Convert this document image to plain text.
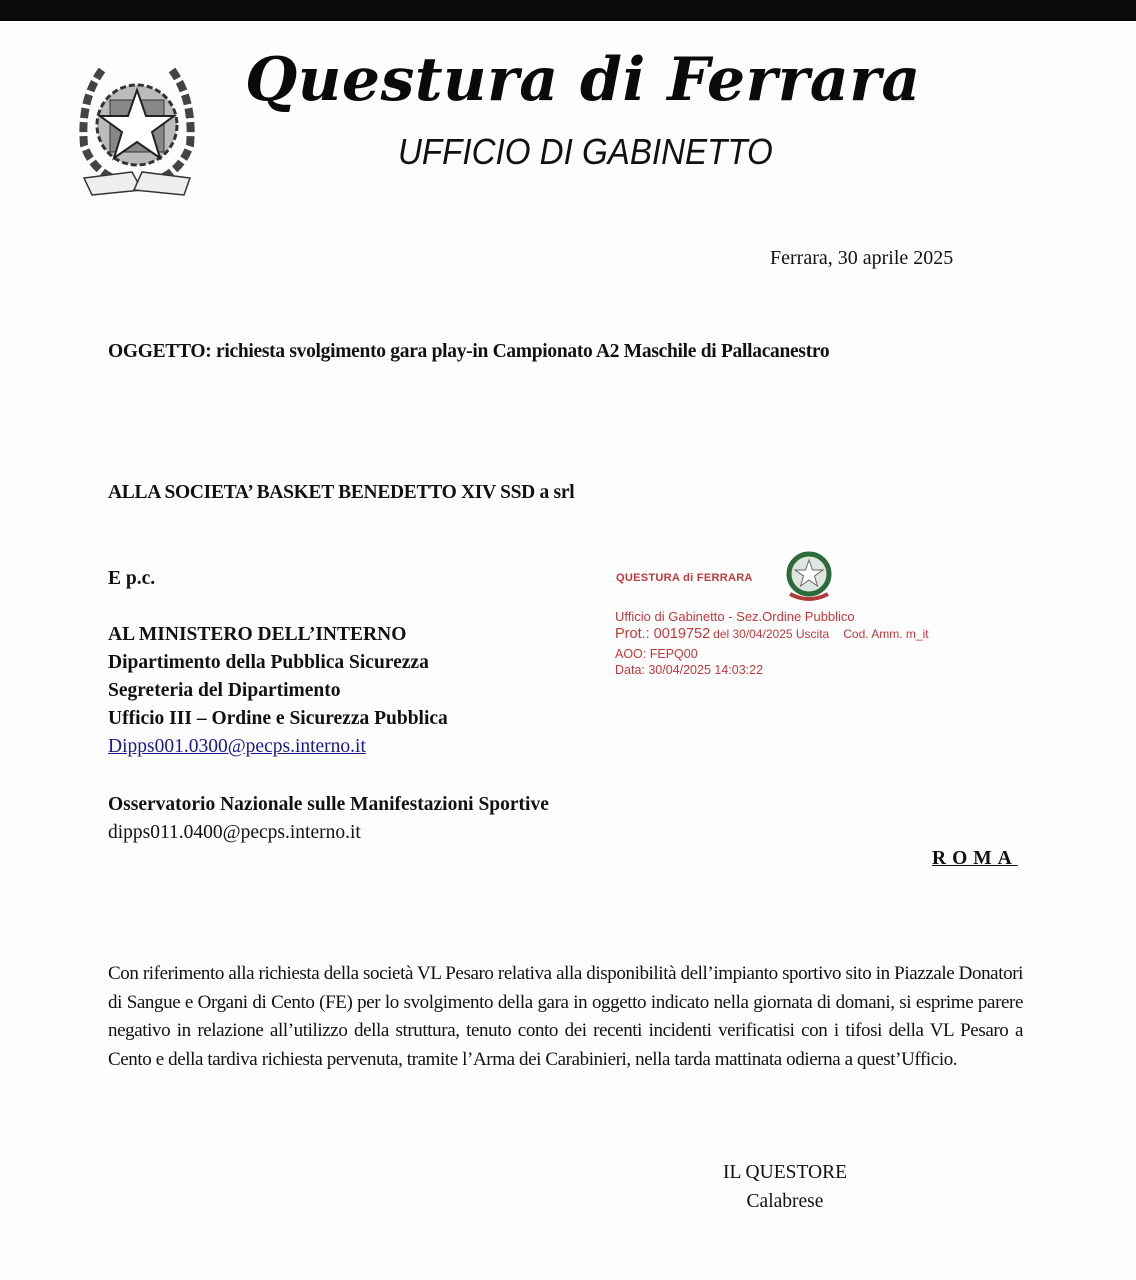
Questura di Ferrara
UFFICIO DI GABINETTO
Ferrara, 30 aprile 2025
OGGETTO: richiesta svolgimento gara play-in Campionato A2 Maschile di Pallacanestro
ALLA SOCIETA’ BASKET BENEDETTO XIV SSD a srl
E p.c.	QUESTURA di FERRARA
Ufficio di Gabinetto - Sez.Ordine Pubblico
Prot.: 0019752 del 30/04/2025 Uscita Cod. Amm. m_it
AOO: FEPQ00
Data: 30/04/2025 14:03:22
AL MINISTERO DELL’INTERNO
Dipartimento della Pubblica Sicurezza
Segreteria del Dipartimento
Ufficio III – Ordine e Sicurezza Pubblica
Dipps001.0300@pecps.interno.it
Osservatorio Nazionale sulle Manifestazioni Sportive
dipps011.0400@pecps.interno.it
ROMA
Con riferimento alla richiesta della società VL Pesaro relativa alla disponibilità dell’impianto sportivo sito in Piazzale Donatori di Sangue e Organi di Cento (FE) per lo svolgimento della gara in oggetto indicato nella giornata di domani, si esprime parere negativo in relazione all’utilizzo della struttura, tenuto conto dei recenti incidenti verificatisi con i tifosi della VL Pesaro a Cento e della tardiva richiesta pervenuta, tramite l’Arma dei Carabinieri, nella tarda mattinata odierna a quest’Ufficio.
IL QUESTORE
Calabrese
